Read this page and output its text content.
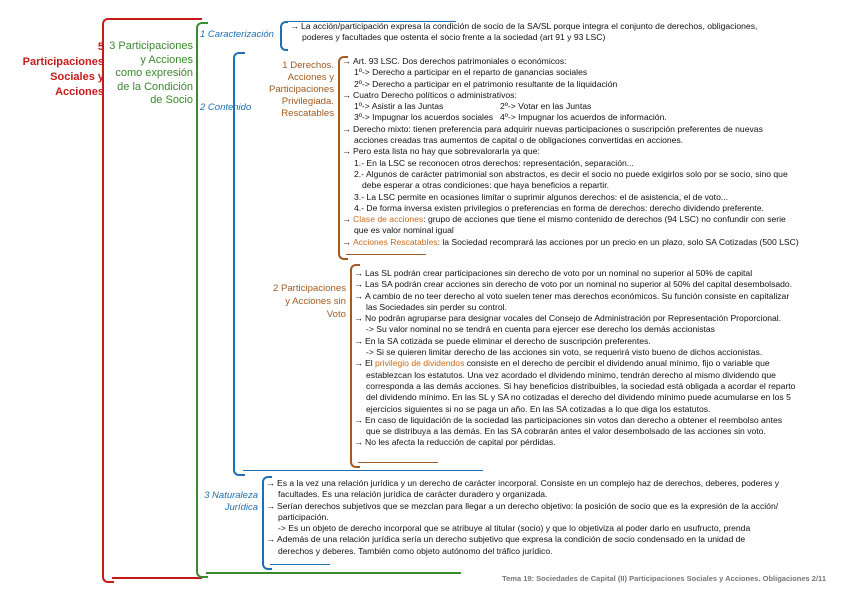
5
Participaciones
Sociales y
Acciones
3 Participaciones
y Acciones
como expresión
de la Condición
de Socio
1 Caracterización
→ La acción/participación expresa la condición de socio de la SA/SL porque integra el conjunto de derechos, obligaciones,
poderes y facultades que ostenta el socio frente a la sociedad (art 91 y 93 LSC)
2 Contenido
1 Derechos.
Acciones y
Participaciones
Privilegiada.
Rescatables
→ Art. 93 LSC. Dos derechos patrimoniales o económicos:
1º-> Derecho a participar en el reparto de ganancias sociales
2º-> Derecho a participar en el patrimonio resultante de la liquidación
→ Cuatro Derecho políticos o administrativos:
1º-> Asistir a las Juntas	2º-> Votar en las Juntas
3º-> Impugnar los acuerdos sociales 4º-> Impugnar los acuerdos de información.
→ Derecho mixto: tienen preferencia para adquirir nuevas participaciones o suscripción preferentes de nuevas
acciones creadas tras aumentos de capital o de obligaciones convertidas en acciones.
→ Pero esta lista no hay que sobrevalorarla ya que:
1.- En la LSC se reconocen otros derechos: representación, separación...
2.- Algunos de carácter patrimonial son abstractos, es decir el socio no puede exigirlos solo por se socio, sino que
debe esperar a otras condiciones: que haya beneficios a repartir.
3.- La LSC permite en ocasiones limitar o suprimir algunos derechos: el de asistencia, el de voto...
4.- De forma inversa existen privilegios o preferencias en forma de derechos: derecho dividendo preferente.
→ Clase de acciones: grupo de acciones que tiene el mismo contenido de derechos (94 LSC) no confundir con serie
que es valor nominal igual
→ Acciones Rescatables: la Sociedad recomprará las acciones por un precio en un plazo, solo SA Cotizadas (500 LSC)
2 Participaciones
y Acciones sin
Voto
→ Las SL podrán crear participaciones sin derecho de voto por un nominal no superior al 50% de capital
→ Las SA podrán crear acciones sin derecho de voto por un nominal no superior al 50% del capital desembolsado.
→ A cambio de no teer derecho al voto suelen tener mas derechos económicos. Su función consiste en capitalizar
las Sociedades sin perder su control.
→ No podrán agruparse para designar vocales del Consejo de Administración por Representación Proporcional.
-> Su valor nominal no se tendrá en cuenta para ejercer ese derecho los demás accionistas
→ En la SA cotizada se puede eliminar el derecho de suscripción preferentes.
-> Si se quieren limitar derecho de las acciones sin voto, se requerirá visto bueno de dichos accionistas.
→ El privilegio de dividendos consiste en el derecho de percibir el dividendo anual mínimo, fijo o variable que
establezcan los estatutos. Una vez acordado el dividendo mínimo, tendrán derecho al mismo dividendo que
corresponda a las demás acciones. Si hay beneficios distribuibles, la sociedad está obligada a acordar el reparto
del dividendo mínimo. En las SL y SA no cotizadas el derecho del dividendo mínimo puede acumularse en los 5
ejercicios siguientes si no se paga un año. En las SA cotizadas a lo que diga los estatutos.
→ En caso de liquidación de la sociedad las participaciones sin votos dan derecho a obtener el reembolso antes
que se distribuya a las demás. En las SA cobrarán antes el valor desembolsado de las acciones sin voto.
→ No les afecta la reducción de capital por pérdidas.
3 Naturaleza
Jurídica
→ Es a la vez una relación jurídica y un derecho de carácter incorporal. Consiste en un complejo haz de derechos, deberes, poderes y
facultades. Es una relación jurídica de carácter duradero y organizada.
→ Serían derechos subjetivos que se mezclan para llegar a un derecho objetivo: la posición de socio que es la expresión de la acción/
participación.
-> Es un objeto de derecho incorporal que se atribuye al titular (socio) y que lo objetiviza al poder darlo en usufructo, prenda
→ Además de una relación jurídica sería un derecho subjetivo que expresa la condición de socio condensado en la unidad de
derechos y deberes. También como objeto autónomo del tráfico jurídico.
Tema 19: Sociedades de Capital (II) Participaciones Sociales y Acciones. Obligaciones 2/11
